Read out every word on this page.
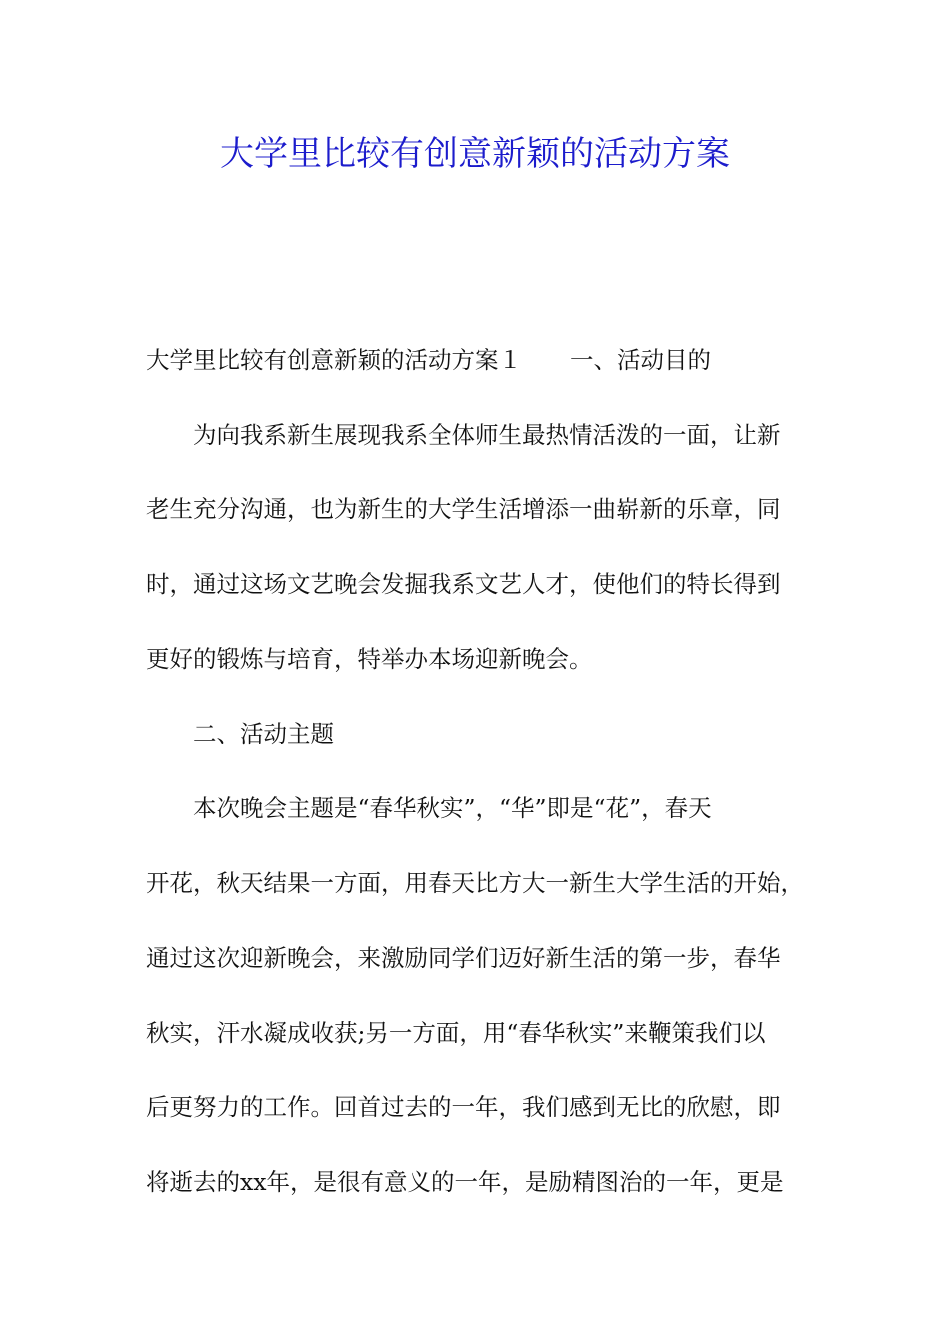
大学里比较有创意新颖的活动方案
大学里比较有创意新颖的活动方案１ 一、活动目的
为向我系新生展现我系全体师生最热情活泼的一面，让新
老生充分沟通，也为新生的大学生活增添一曲崭新的乐章，同
时，通过这场文艺晚会发掘我系文艺人才，使他们的特长得到
更好的锻炼与培育，特举办本场迎新晚会。
二、活动主题
本次晚会主题是“春华秋实”，“华”即是“花”，春天
开花，秋天结果一方面，用春天比方大一新生大学生活的开始，
通过这次迎新晚会，来激励同学们迈好新生活的第一步，春华
秋实，汗水凝成收获;另一方面，用“春华秋实”来鞭策我们以
后更努力的工作。回首过去的一年，我们感到无比的欣慰，即
将逝去的xx年，是很有意义的一年，是励精图治的一年，更是
